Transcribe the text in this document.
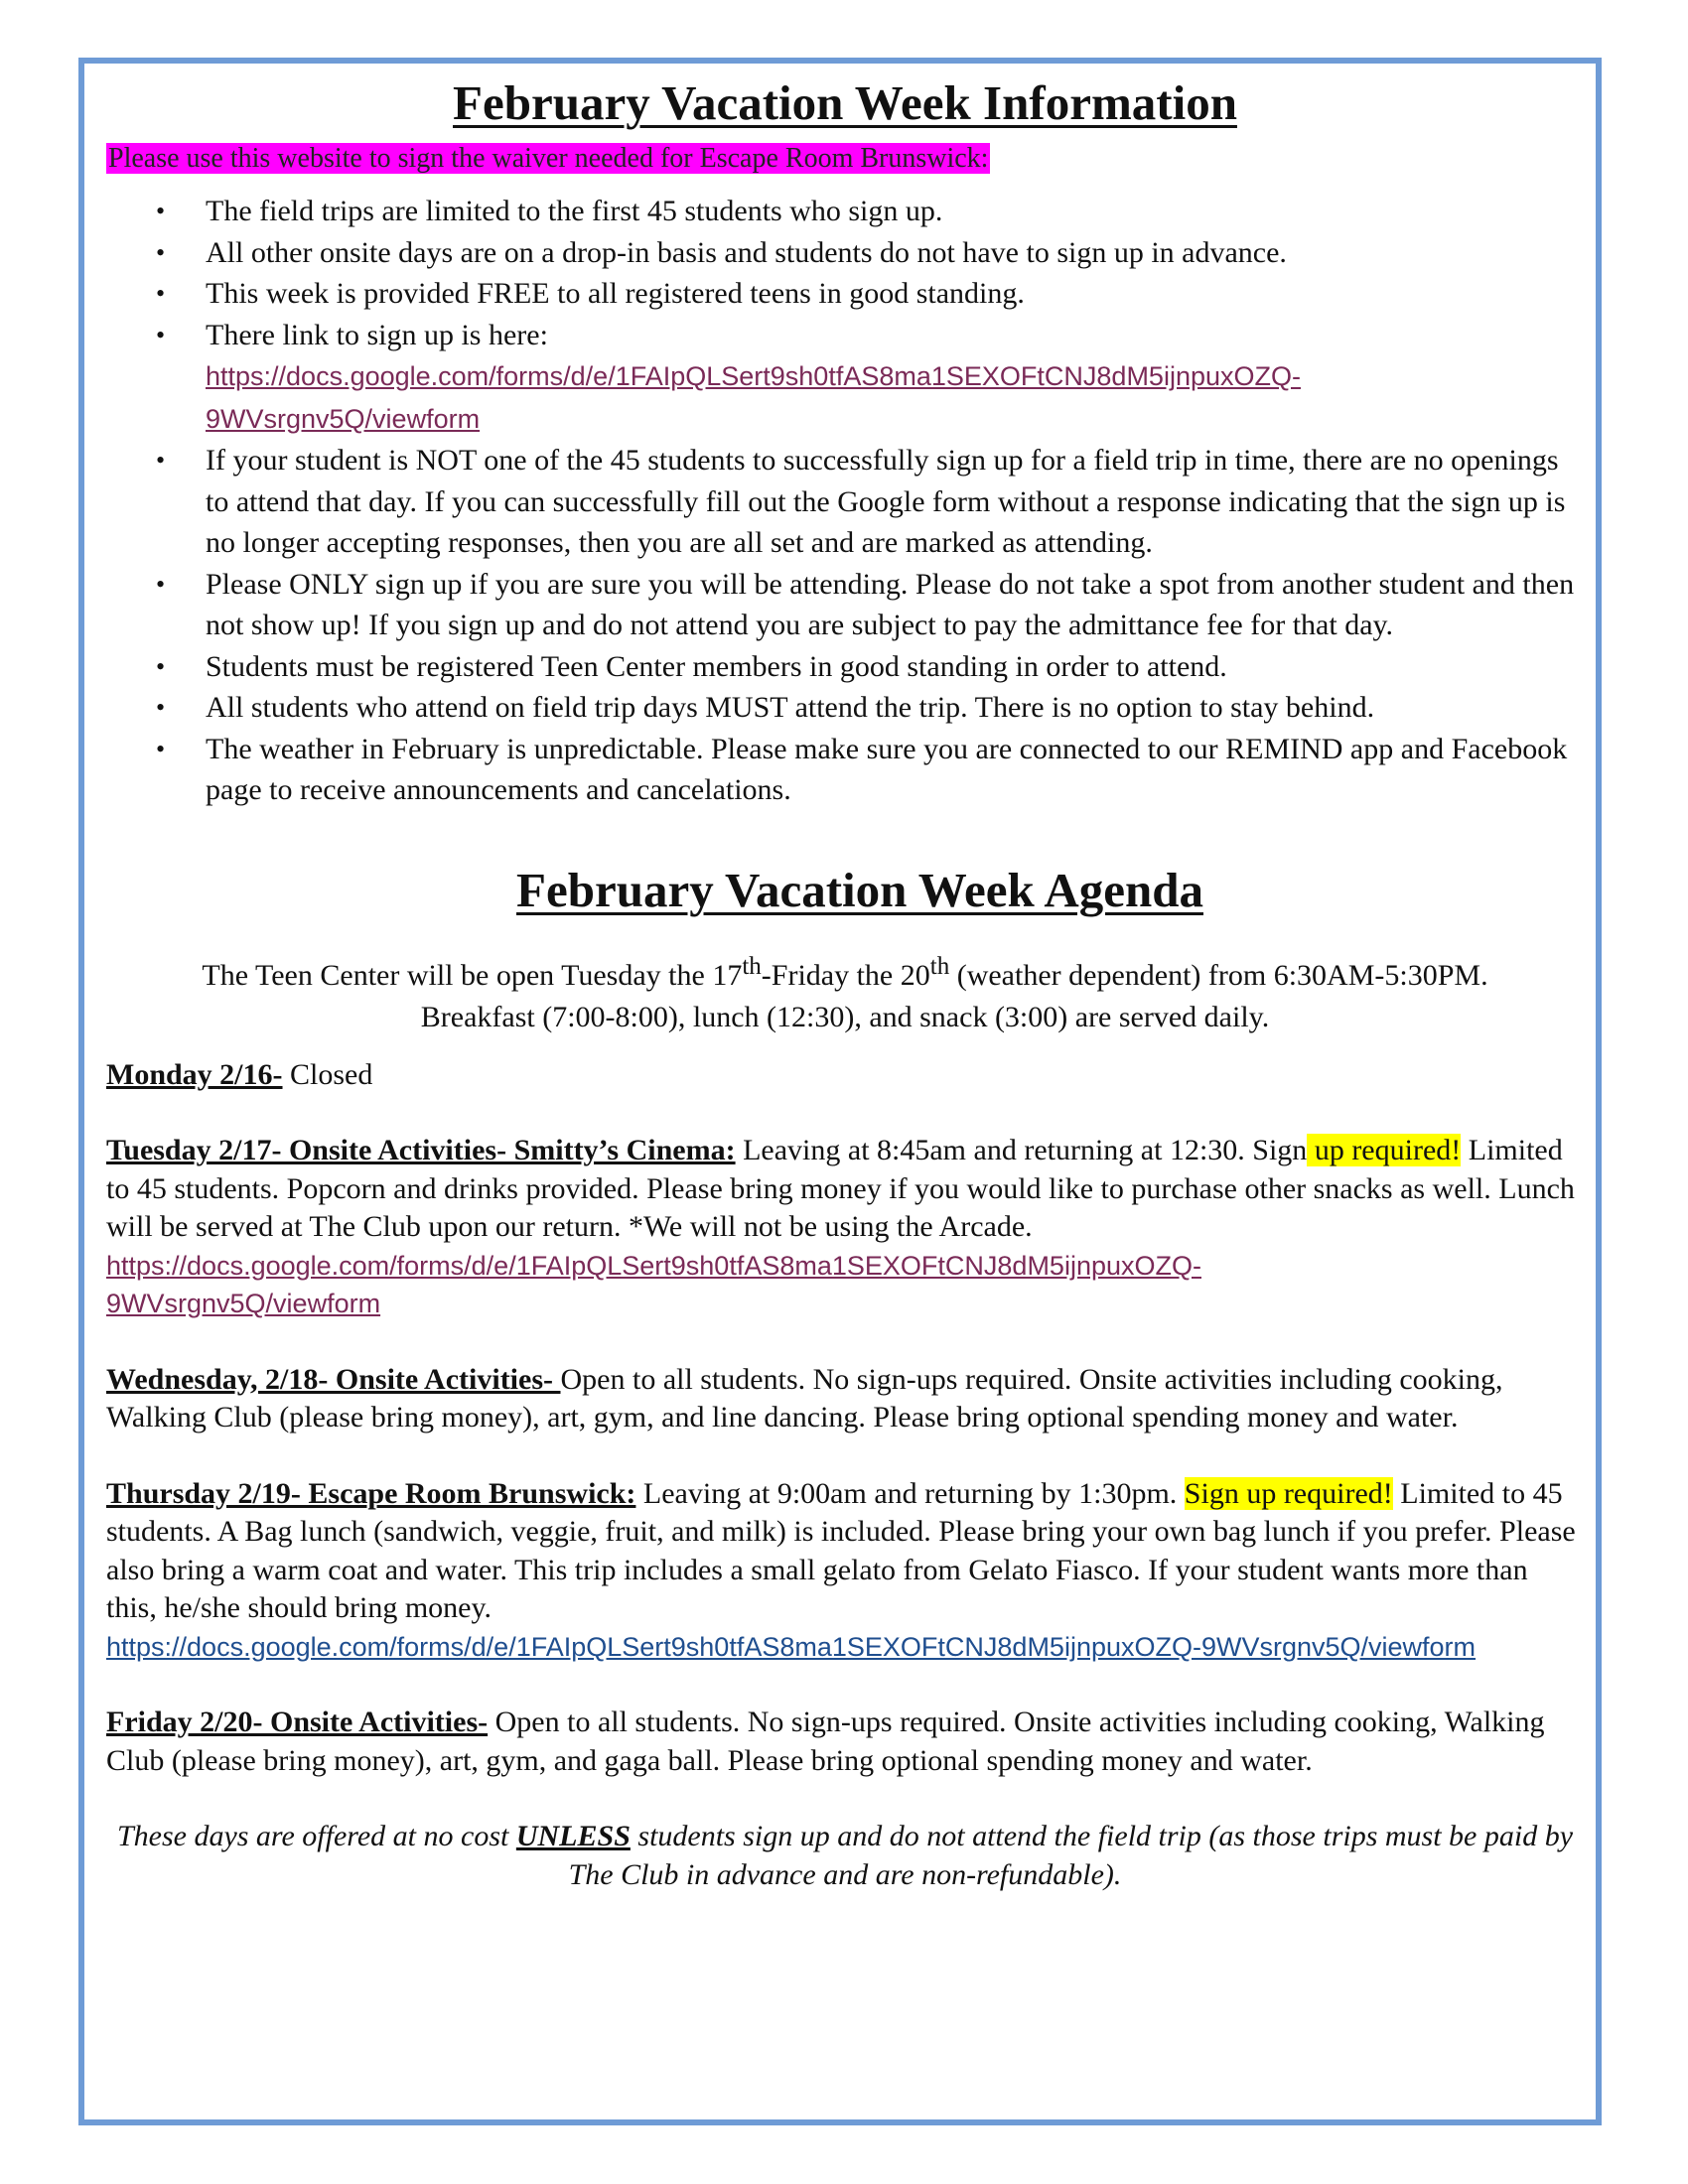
February Vacation Week Information
Please use this website to sign the waiver needed for Escape Room Brunswick:
• The field trips are limited to the first 45 students who sign up.
• All other onsite days are on a drop-in basis and students do not have to sign up in advance.
• This week is provided FREE to all registered teens in good standing.
• There link to sign up is here:
https://docs.google.com/forms/d/e/1FAIpQLSert9sh0tfAS8ma1SEXOFtCNJ8dM5ijnpuxOZQ-
9WVsrgnv5Q/viewform
• If your student is NOT one of the 45 students to successfully sign up for a field trip in time, there are no openings to attend that day. If you can successfully fill out the Google form without a response indicating that the sign up is no longer accepting responses, then you are all set and are marked as attending.
• Please ONLY sign up if you are sure you will be attending. Please do not take a spot from another student and then not show up! If you sign up and do not attend you are subject to pay the admittance fee for that day.
• Students must be registered Teen Center members in good standing in order to attend.
• All students who attend on field trip days MUST attend the trip. There is no option to stay behind.
• The weather in February is unpredictable. Please make sure you are connected to our REMIND app and Facebook page to receive announcements and cancelations.
February Vacation Week Agenda
The Teen Center will be open Tuesday the 17th-Friday the 20th (weather dependent) from 6:30AM-5:30PM.
Breakfast (7:00-8:00), lunch (12:30), and snack (3:00) are served daily.

Monday 2/16- Closed

Tuesday 2/17- Onsite Activities- Smitty’s Cinema: Leaving at 8:45am and returning at 12:30. Sign up required! Limited to 45 students. Popcorn and drinks provided. Please bring money if you would like to purchase other snacks as well. Lunch will be served at The Club upon our return. *We will not be using the Arcade. https://docs.google.com/forms/d/e/1FAIpQLSert9sh0tfAS8ma1SEXOFtCNJ8dM5ijnpuxOZQ-
9WVsrgnv5Q/viewform

Wednesday, 2/18- Onsite Activities- Open to all students. No sign-ups required. Onsite activities including cooking, Walking Club (please bring money), art, gym, and line dancing. Please bring optional spending money and water.

Thursday 2/19- Escape Room Brunswick: Leaving at 9:00am and returning by 1:30pm. Sign up required! Limited to 45 students. A Bag lunch (sandwich, veggie, fruit, and milk) is included. Please bring your own bag lunch if you prefer. Please also bring a warm coat and water. This trip includes a small gelato from Gelato Fiasco. If your student wants more than this, he/she should bring money.
https://docs.google.com/forms/d/e/1FAIpQLSert9sh0tfAS8ma1SEXOFtCNJ8dM5ijnpuxOZQ-9WVsrgnv5Q/viewform

Friday 2/20- Onsite Activities- Open to all students. No sign-ups required. Onsite activities including cooking, Walking Club (please bring money), art, gym, and gaga ball. Please bring optional spending money and water.

These days are offered at no cost UNLESS students sign up and do not attend the field trip (as those trips must be paid by The Club in advance and are non-refundable).
